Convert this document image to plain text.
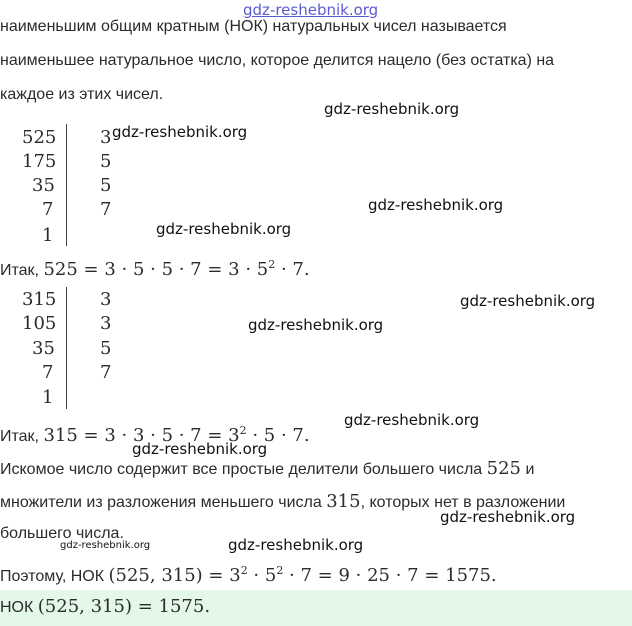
gdz-reshebnik.org
наименьшим общим кратным (НОК) натуральных чисел называется
наименьшее натуральное число, которое делится нацело (без остатка) на
каждое из этих чисел.
gdz-reshebnik.org
525
175
35
7
1
3
5
5
7
gdz-reshebnik.org
gdz-reshebnik.org
gdz-reshebnik.org
Итак, $525 = 3 \cdot 5 \cdot 5 \cdot 7 = 3 \cdot 5^2 \cdot 7$.
gdz-reshebnik.org
315
105
35
7
1
3
3
5
7
gdz-reshebnik.org
gdz-reshebnik.org
Итак, $315 = 3 \cdot 3 \cdot 5 \cdot 7 = 3^2 \cdot 5 \cdot 7$.
gdz-reshebnik.org
Искомое число содержит все простые делители большего числа 525 и
множители из разложения меньшего числа 315, которых нет в разложении
gdz-reshebnik.org
большего числа.
gdz-reshebnik.org	gdz-reshebnik.org
Поэтому, НОК (525, $315) = 3^2 \cdot 5^2 \cdot 7 = 9 \cdot 25 \cdot 7 = 1575$.
НОК (525, 315) = 1575.
